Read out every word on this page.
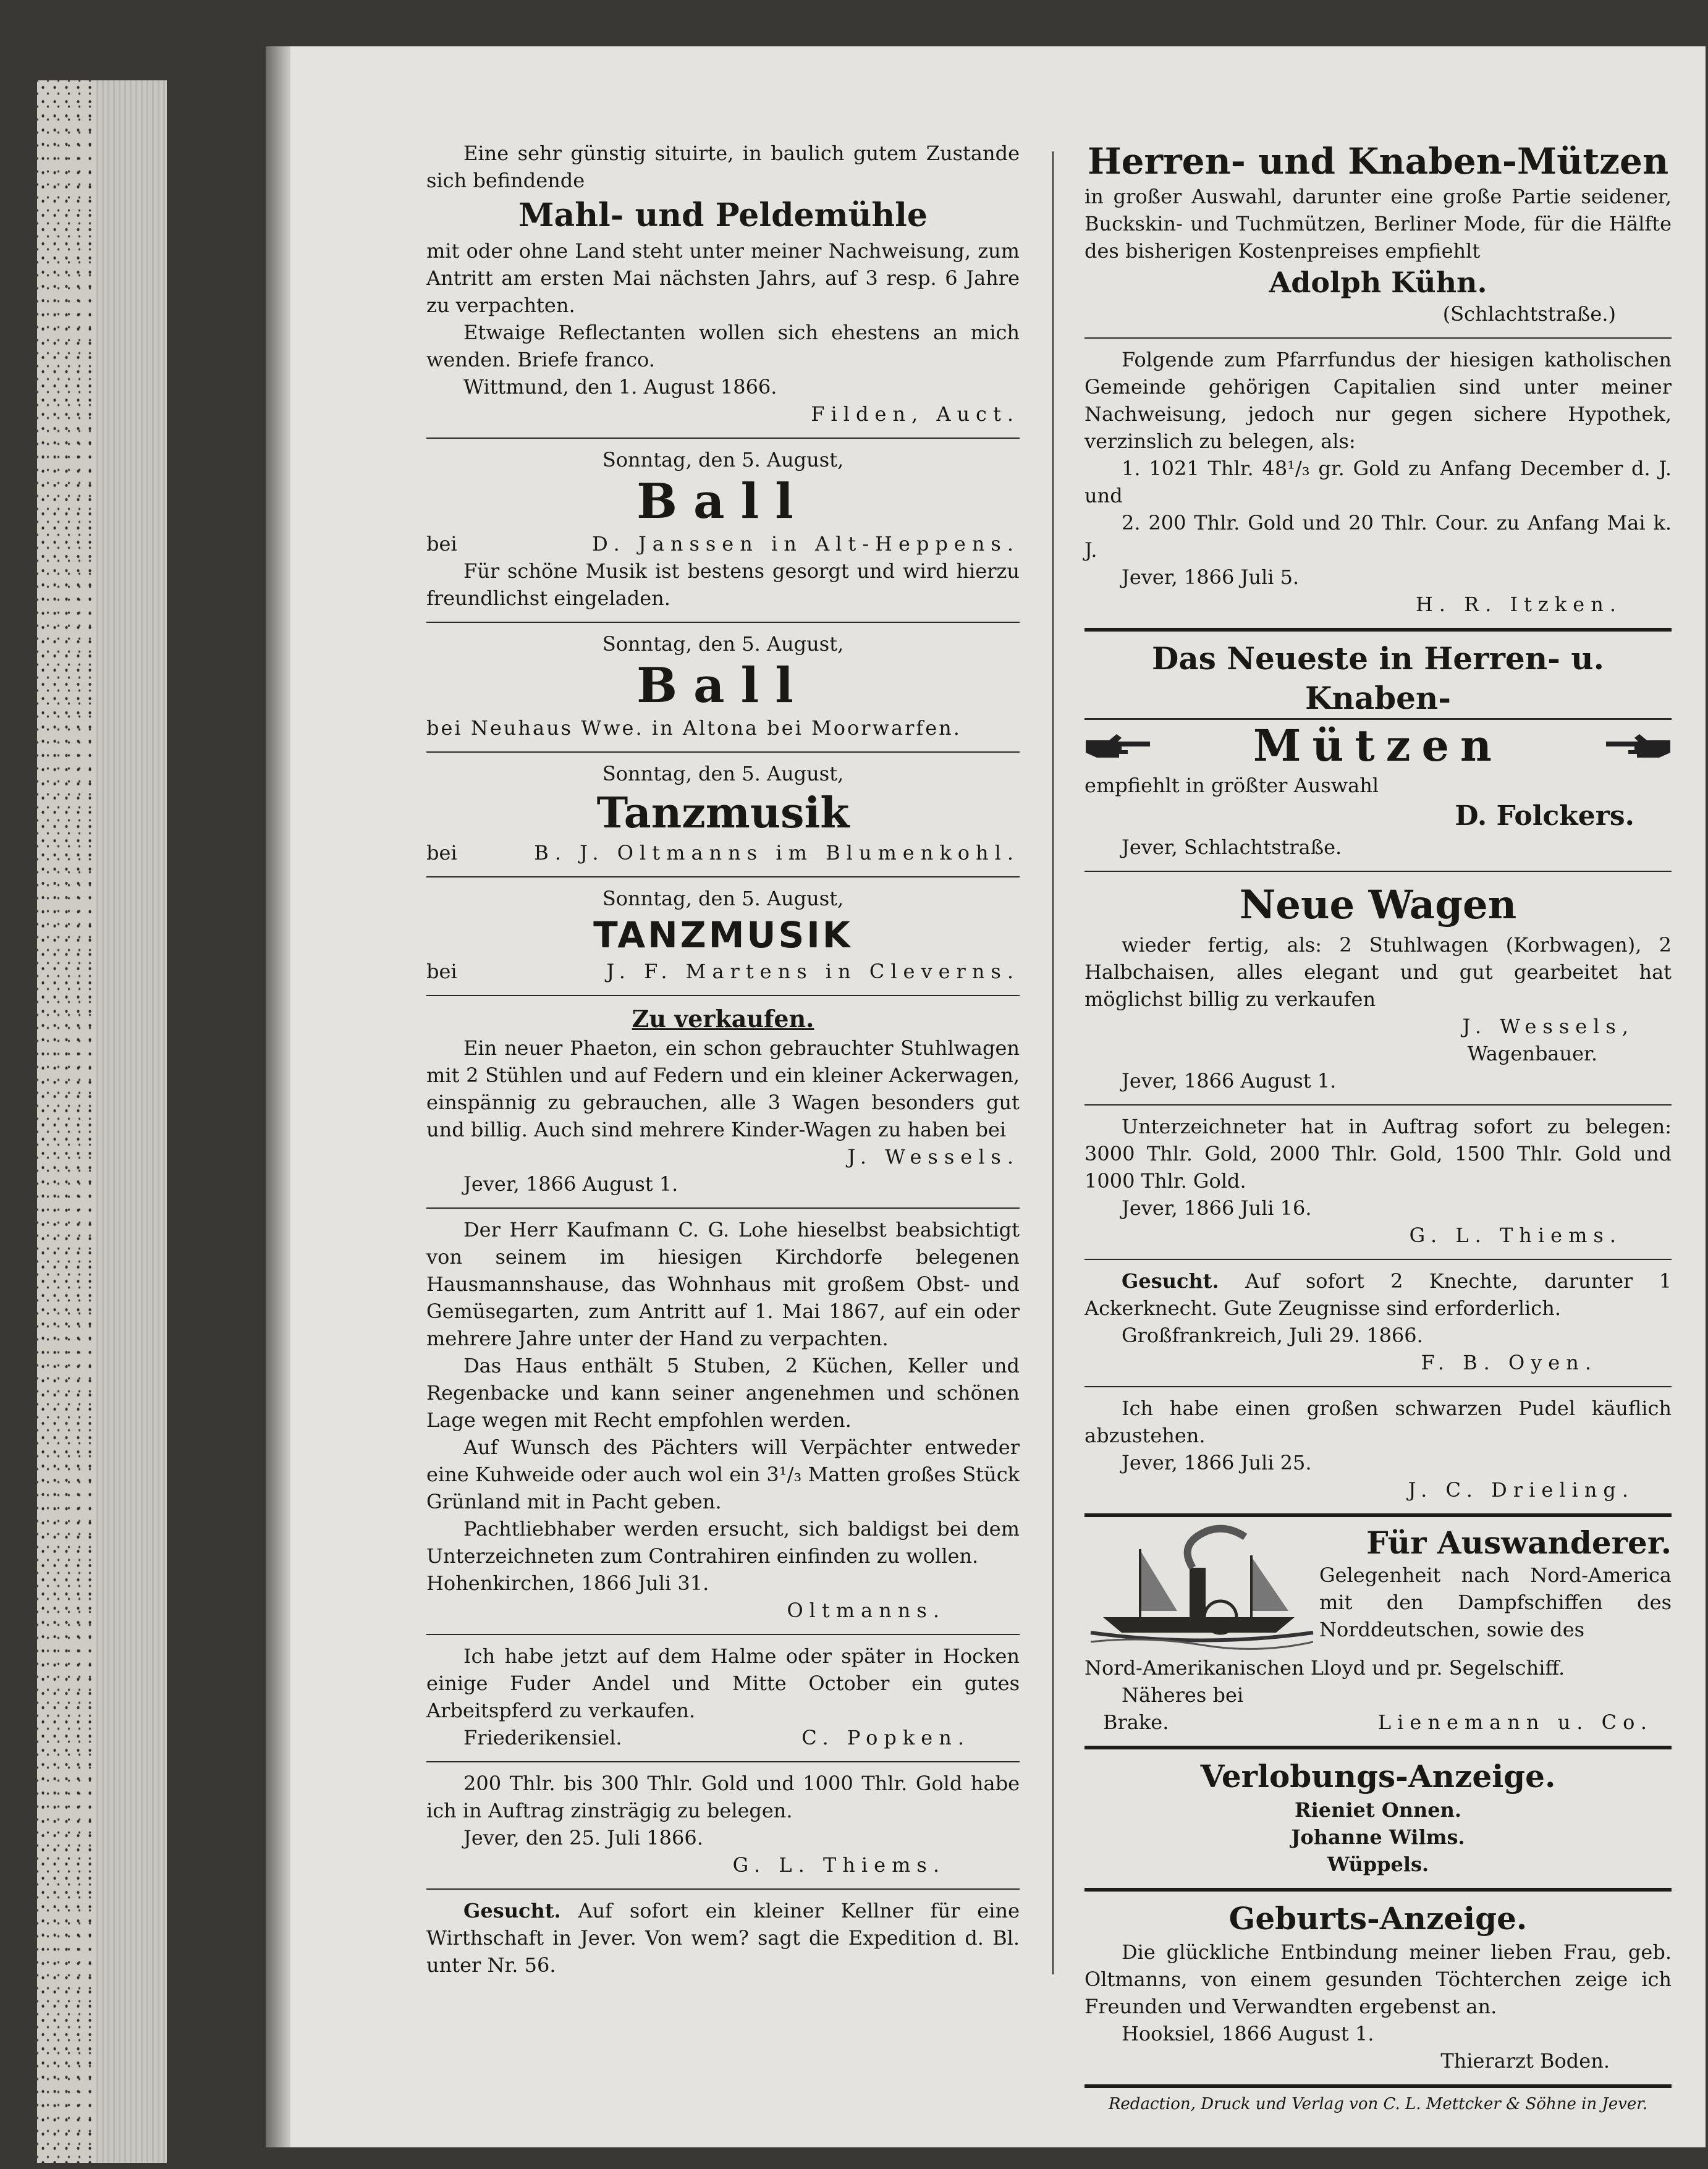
Eine sehr günstig situirte, in baulich gutem Zustande sich befindende

Mahl- und Peldemühle

mit oder ohne Land steht unter meiner Nachweisung, zum Antritt am ersten Mai nächsten Jahrs, auf 3 resp. 6 Jahre zu verpachten.

Etwaige Reflectanten wollen sich ehestens an mich wenden. Briefe franco.

Wittmund, den 1. August 1866.

Filden, Auct.

Sonntag, den 5. August,

Ball

bei	D. Janssen in Alt-Heppens.

Für schöne Musik ist bestens gesorgt und wird hierzu freundlichst eingeladen.

Sonntag, den 5. August,

Ball

bei Neuhaus Wwe. in Altona bei Moorwarfen.

Sonntag, den 5. August,

Tanzmusik

bei	B. J. Oltmanns im Blumenkohl.

Sonntag, den 5. August,

TANZMUSIK

bei	J. F. Martens in Cleverns.

Zu verkaufen.

Ein neuer Phaeton, ein schon gebrauchter Stuhlwagen mit 2 Stühlen und auf Federn und ein kleiner Ackerwagen, einspännig zu gebrauchen, alle 3 Wagen besonders gut und billig. Auch sind mehrere Kinder-Wagen zu haben bei

J. Wessels.

Jever, 1866 August 1.

Der Herr Kaufmann C. G. Lohe hieselbst beabsichtigt von seinem im hiesigen Kirchdorfe belegenen Hausmannshause, das Wohnhaus mit großem Obst- und Gemüsegarten, zum Antritt auf 1. Mai 1867, auf ein oder mehrere Jahre unter der Hand zu verpachten.

Das Haus enthält 5 Stuben, 2 Küchen, Keller und Regenbacke und kann seiner angenehmen und schönen Lage wegen mit Recht empfohlen werden.

Auf Wunsch des Pächters will Verpächter entweder eine Kuhweide oder auch wol ein 3¹/₃ Matten großes Stück Grünland mit in Pacht geben.

Pachtliebhaber werden ersucht, sich baldigst bei dem Unterzeichneten zum Contrahiren einfinden zu wollen.

Hohenkirchen, 1866 Juli 31.

Oltmanns.

Ich habe jetzt auf dem Halme oder später in Hocken einige Fuder Andel und Mitte October ein gutes Arbeitspferd zu verkaufen.

Friederikensiel.	C. Popken.

200 Thlr. bis 300 Thlr. Gold und 1000 Thlr. Gold habe ich in Auftrag zinsträgig zu belegen.

Jever, den 25. Juli 1866.

G. L. Thiems.

Gesucht. Auf sofort ein kleiner Kellner für eine Wirthschaft in Jever. Von wem? sagt die Expedition d. Bl. unter Nr. 56.

Herren- und Knaben-Mützen

in großer Auswahl, darunter eine große Partie seidener, Buckskin- und Tuchmützen, Berliner Mode, für die Hälfte des bisherigen Kostenpreises empfiehlt

Adolph Kühn.

(Schlachtstraße.)

Folgende zum Pfarrfundus der hiesigen katholischen Gemeinde gehörigen Capitalien sind unter meiner Nachweisung, jedoch nur gegen sichere Hypothek, verzinslich zu belegen, als:

1. 1021 Thlr. 48¹/₃ gr. Gold zu Anfang December d. J. und

2. 200 Thlr. Gold und 20 Thlr. Cour. zu Anfang Mai k. J.

Jever, 1866 Juli 5.

H. R. Itzken.

Das Neueste in Herren- u. Knaben-
Mützen

empfiehlt in größter Auswahl

D. Folckers.

Jever, Schlachtstraße.

Neue Wagen

wieder fertig, als: 2 Stuhlwagen (Korbwagen), 2 Halbchaisen, alles elegant und gut gearbeitet hat möglichst billig zu verkaufen

J. Wessels,

Wagenbauer.

Jever, 1866 August 1.

Unterzeichneter hat in Auftrag sofort zu belegen: 3000 Thlr. Gold, 2000 Thlr. Gold, 1500 Thlr. Gold und 1000 Thlr. Gold.

Jever, 1866 Juli 16.

G. L. Thiems.

Gesucht. Auf sofort 2 Knechte, darunter 1 Ackerknecht. Gute Zeugnisse sind erforderlich.

Großfrankreich, Juli 29. 1866.

F. B. Oyen.

Ich habe einen großen schwarzen Pudel käuflich abzustehen.

Jever, 1866 Juli 25.

J. C. Drieling.

Für Auswanderer.

Gelegenheit nach Nord-America mit den Dampfschiffen des Norddeutschen, sowie des

Nord-Amerikanischen Lloyd und pr. Segelschiff.

Näheres bei

Brake.	Lienemann u. Co.

Verlobungs-Anzeige.

Rieniet Onnen.

Johanne Wilms.

Wüppels.

Geburts-Anzeige.

Die glückliche Entbindung meiner lieben Frau, geb. Oltmanns, von einem gesunden Töchterchen zeige ich Freunden und Verwandten ergebenst an.

Hooksiel, 1866 August 1.

Thierarzt Boden.

Redaction, Druck und Verlag von C. L. Mettcker & Söhne in Jever.
